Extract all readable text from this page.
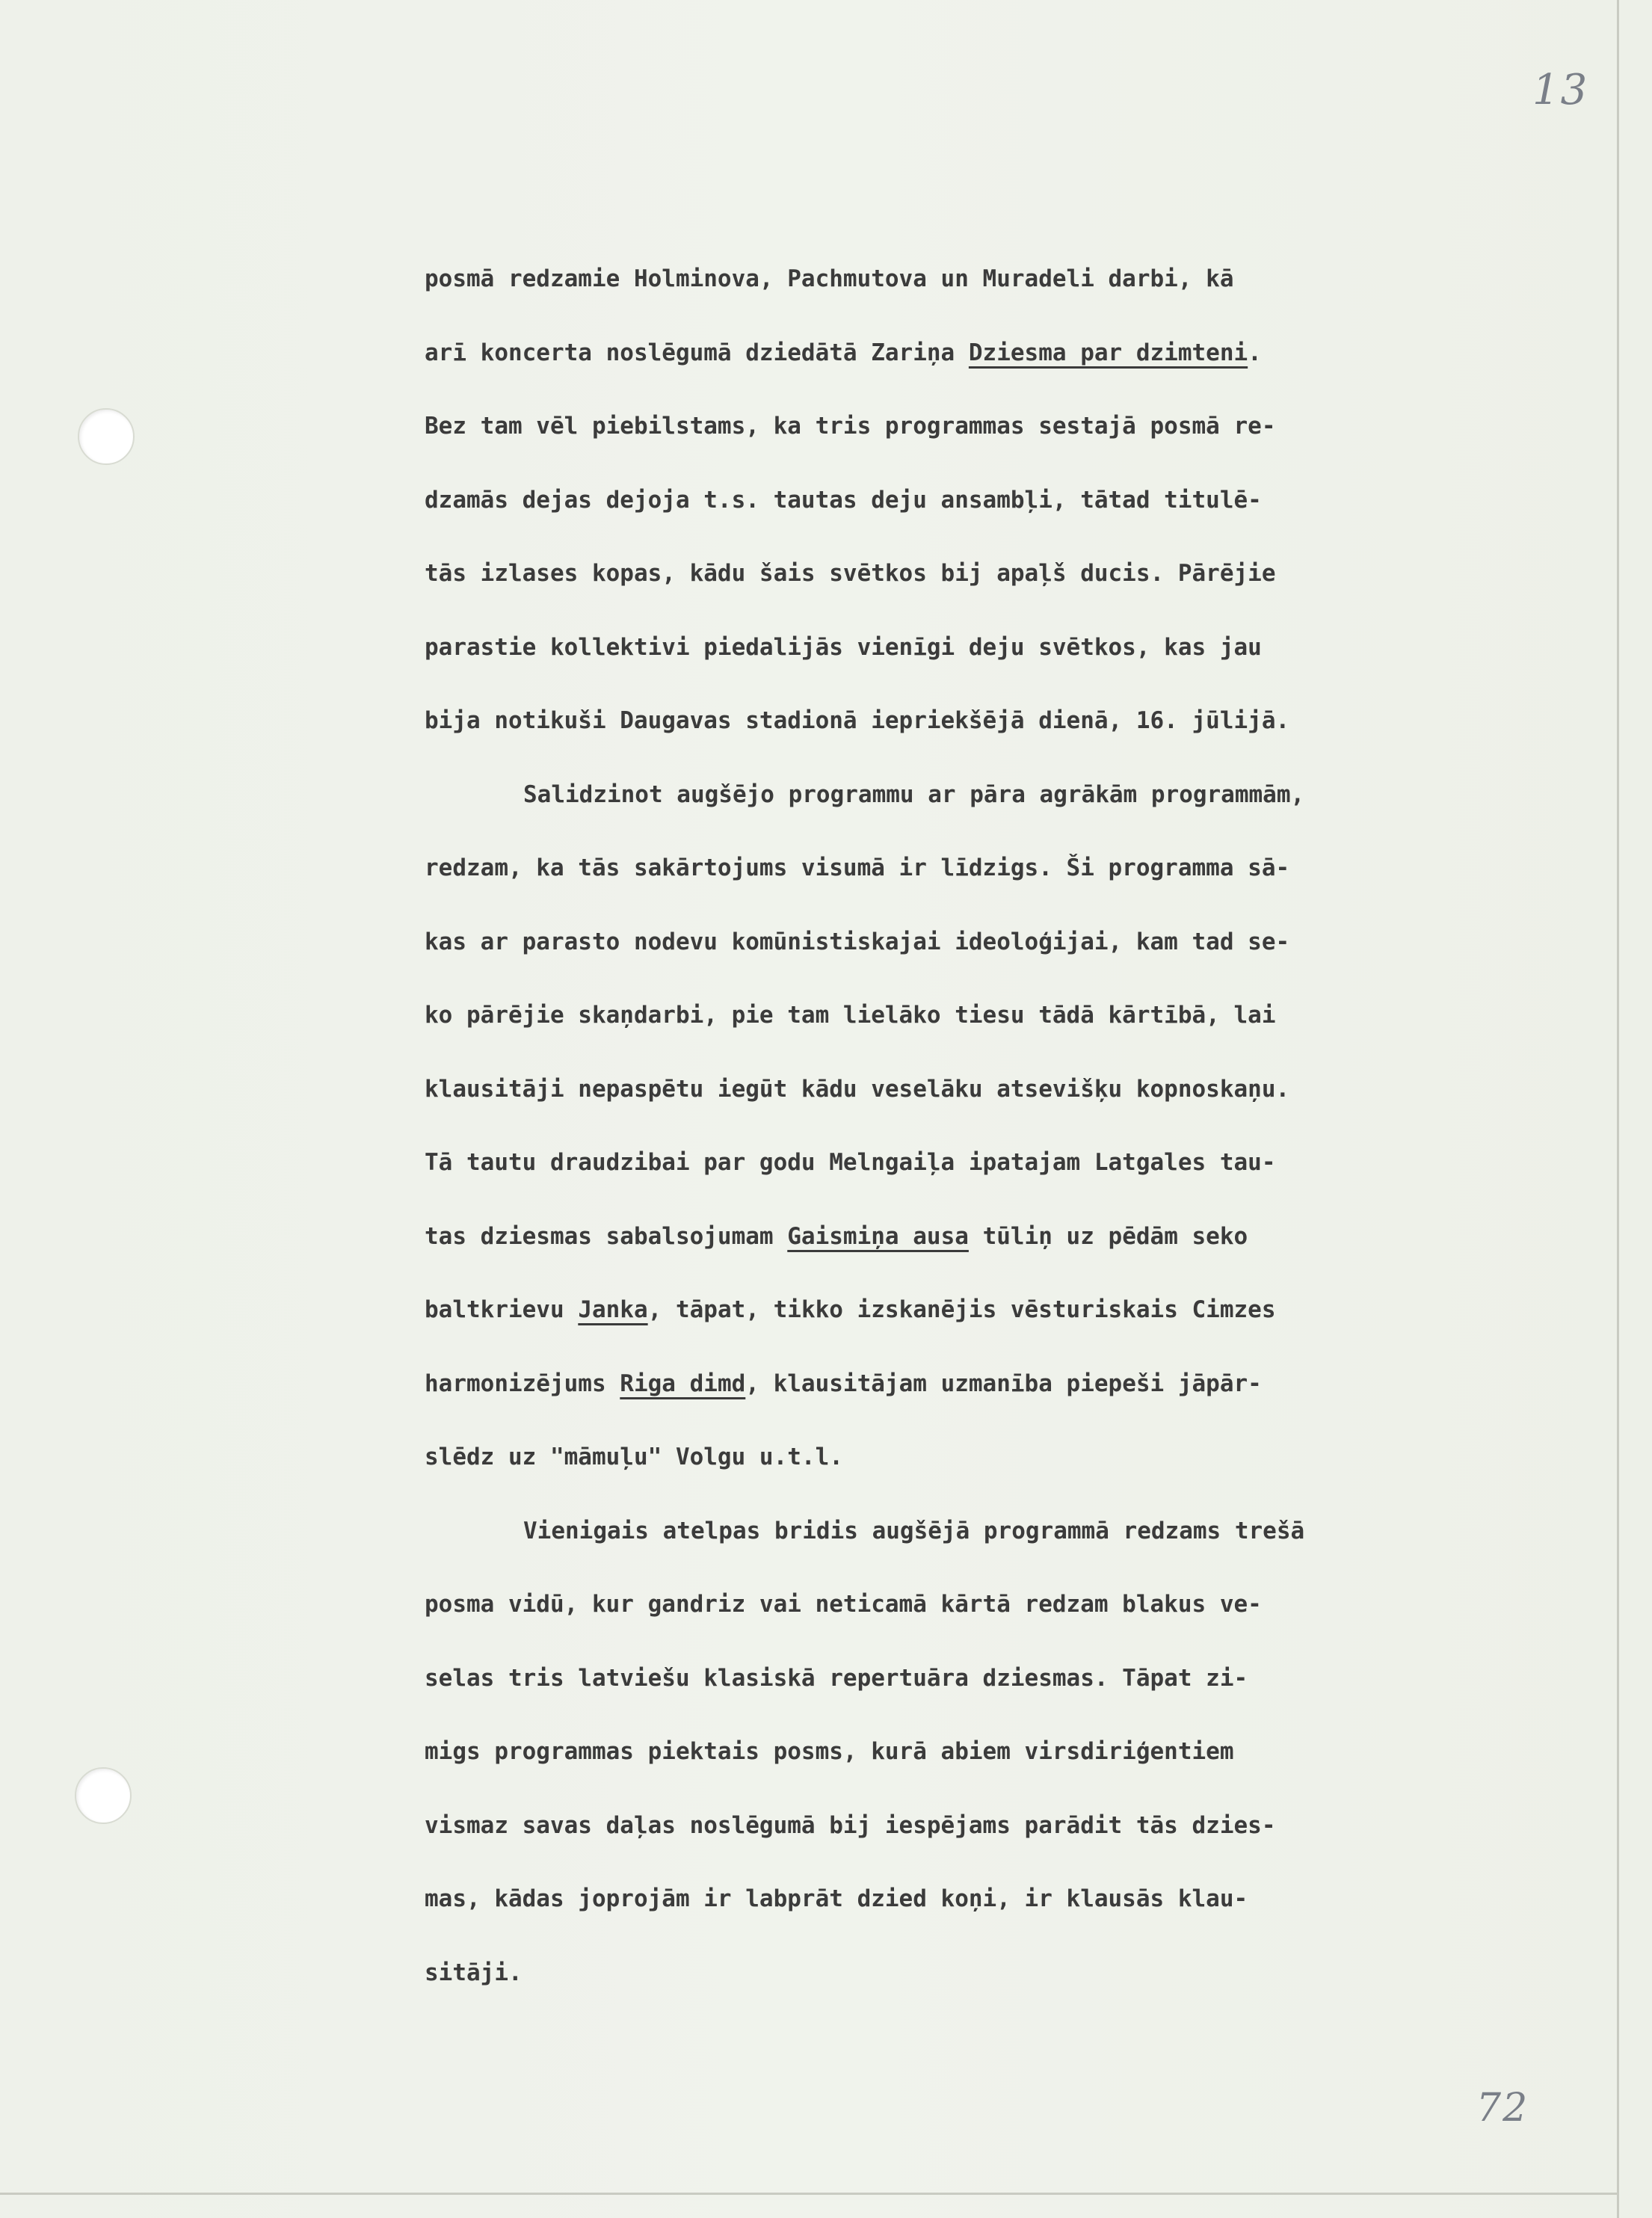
13
72
posmā redzamie Holminova, Pachmutova un Muradeli darbi, kā
arī koncerta noslēgumā dziedātā Zariņa Dziesma par dzimteni.
Bez tam vēl piebilstams, ka tris programmas sestajā posmā re-
dzamās dejas dejoja t.s. tautas deju ansambļi, tātad titulē-
tās izlases kopas, kādu šais svētkos bij apaļš ducis. Pārējie
parastie kollektivi piedalijās vienīgi deju svētkos, kas jau
bija notikuši Daugavas stadionā iepriekšējā dienā, 16. jūlijā.
Salidzinot augšējo programmu ar pāra agrākām programmām,
redzam, ka tās sakārtojums visumā ir līdzigs. Ši programma sā-
kas ar parasto nodevu komūnistiskajai ideoloģijai, kam tad se-
ko pārējie skaņdarbi, pie tam lielāko tiesu tādā kārtībā, lai
klausitāji nepaspētu iegūt kādu veselāku atsevišķu kopnoskaņu.
Tā tautu draudzibai par godu Melngaiļa ipatajam Latgales tau-
tas dziesmas sabalsojumam Gaismiņa ausa tūliņ uz pēdām seko
baltkrievu Janka, tāpat, tikko izskanējis vēsturiskais Cimzes
harmonizējums Riga dimd, klausitājam uzmanība piepeši jāpār-
slēdz uz "māmuļu" Volgu u.t.l.
Vienigais atelpas bridis augšējā programmā redzams trešā
posma vidū, kur gandriz vai neticamā kārtā redzam blakus ve-
selas tris latviešu klasiskā repertuāra dziesmas. Tāpat zi-
migs programmas piektais posms, kurā abiem virsdiriģentiem
vismaz savas daļas noslēgumā bij iespējams parādit tās dzies-
mas, kādas joprojām ir labprāt dzied koņi, ir klausās klau-
sitāji.
